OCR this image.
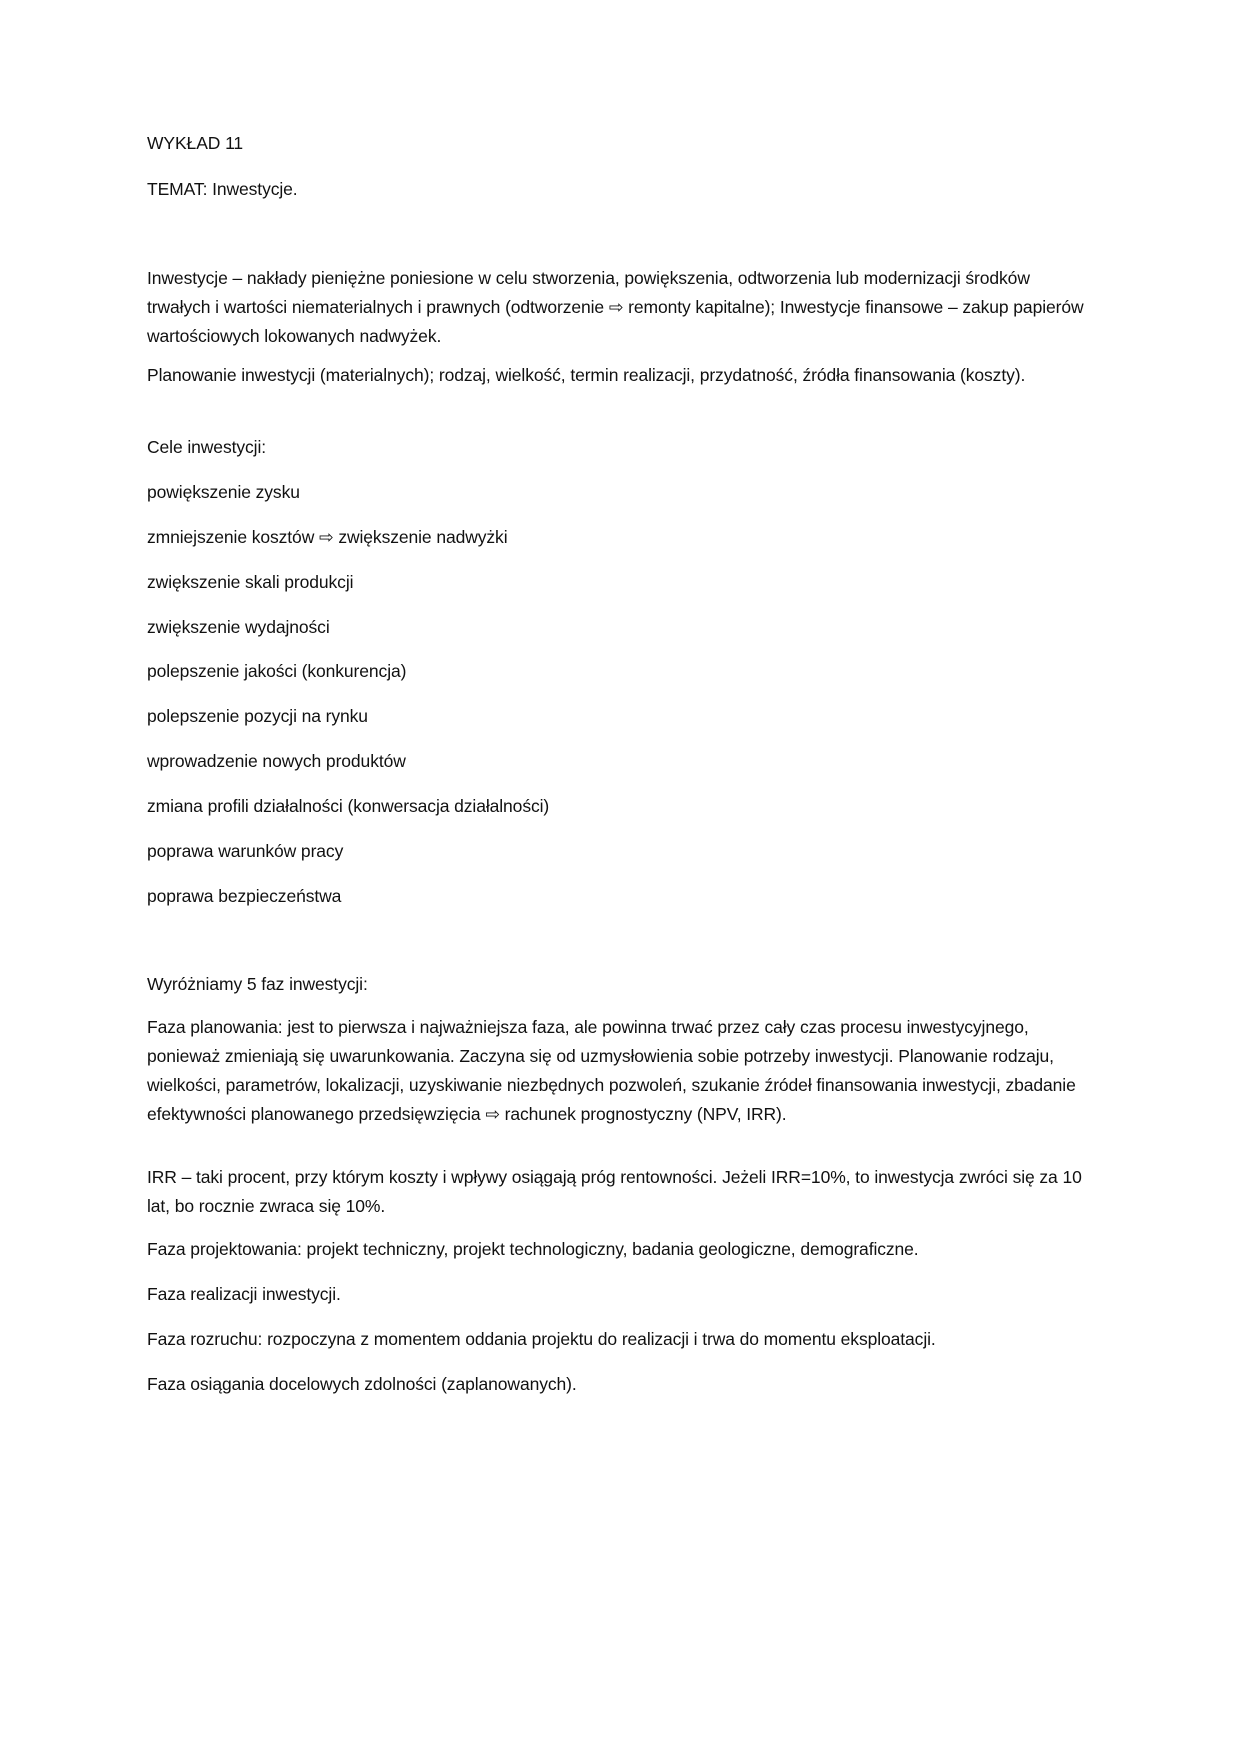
WYKŁAD 11
TEMAT: Inwestycje.
Inwestycje – nakłady pieniężne poniesione w celu stworzenia, powiększenia, odtworzenia lub modernizacji środków trwałych i wartości niematerialnych i prawnych (odtworzenie ⇨ remonty kapitalne); Inwestycje finansowe – zakup papierów wartościowych lokowanych nadwyżek.
Planowanie inwestycji (materialnych); rodzaj, wielkość, termin realizacji, przydatność, źródła finansowania (koszty).
Cele inwestycji:
powiększenie zysku
zmniejszenie kosztów ⇨ zwiększenie nadwyżki
zwiększenie skali produkcji
zwiększenie wydajności
polepszenie jakości (konkurencja)
polepszenie pozycji na rynku
wprowadzenie nowych produktów
zmiana profili działalności (konwersacja działalności)
poprawa warunków pracy
poprawa bezpieczeństwa
Wyróżniamy 5 faz inwestycji:
Faza planowania: jest to pierwsza i najważniejsza faza, ale powinna trwać przez cały czas procesu inwestycyjnego, ponieważ zmieniają się uwarunkowania. Zaczyna się od uzmysłowienia sobie potrzeby inwestycji. Planowanie rodzaju, wielkości, parametrów, lokalizacji, uzyskiwanie niezbędnych pozwoleń, szukanie źródeł finansowania inwestycji, zbadanie efektywności planowanego przedsięwzięcia ⇨ rachunek prognostyczny (NPV, IRR).
IRR – taki procent, przy którym koszty i wpływy osiągają próg rentowności. Jeżeli IRR=10%, to inwestycja zwróci się za 10 lat, bo rocznie zwraca się 10%.
Faza projektowania: projekt techniczny, projekt technologiczny, badania geologiczne, demograficzne.
Faza realizacji inwestycji.
Faza rozruchu: rozpoczyna z momentem oddania projektu do realizacji i trwa do momentu eksploatacji.
Faza osiągania docelowych zdolności (zaplanowanych).
